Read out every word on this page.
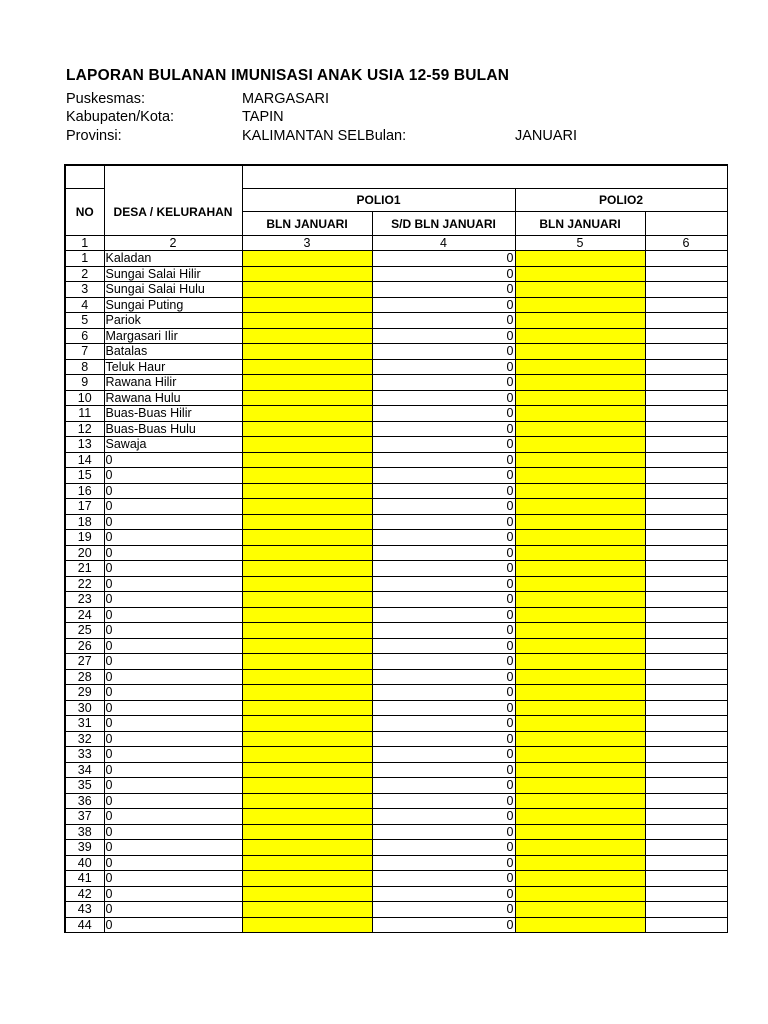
LAPORAN BULANAN IMUNISASI ANAK USIA 12-59 BULAN
Puskesmas:	MARGASARI
Kabupaten/Kota:	TAPIN
Provinsi:	KALIMANTAN SELBulan:	JANUARI

NO	DESA / KELURAHAN	POLIO1		POLIO2	
		BLN JANUARI	S/D BLN JANUARI	BLN JANUARI	
1	2	3	4	5	6
1	Kaladan		0		
2	Sungai Salai Hilir		0		
3	Sungai Salai Hulu		0		
4	Sungai Puting		0		
5	Pariok		0		
6	Margasari Ilir		0		
7	Batalas		0		
8	Teluk Haur		0		
9	Rawana Hilir		0		
10	Rawana Hulu		0		
11	Buas-Buas Hilir		0		
12	Buas-Buas Hulu		0		
13	Sawaja		0		
14	0		0		
15	0		0		
16	0		0		
17	0		0		
18	0		0		
19	0		0		
20	0		0		
21	0		0		
22	0		0		
23	0		0		
24	0		0		
25	0		0		
26	0		0		
27	0		0		
28	0		0		
29	0		0		
30	0		0		
31	0		0		
32	0		0		
33	0		0		
34	0		0		
35	0		0		
36	0		0		
37	0		0		
38	0		0		
39	0		0		
40	0		0		
41	0		0		
42	0		0		
43	0		0		
44	0		0		
